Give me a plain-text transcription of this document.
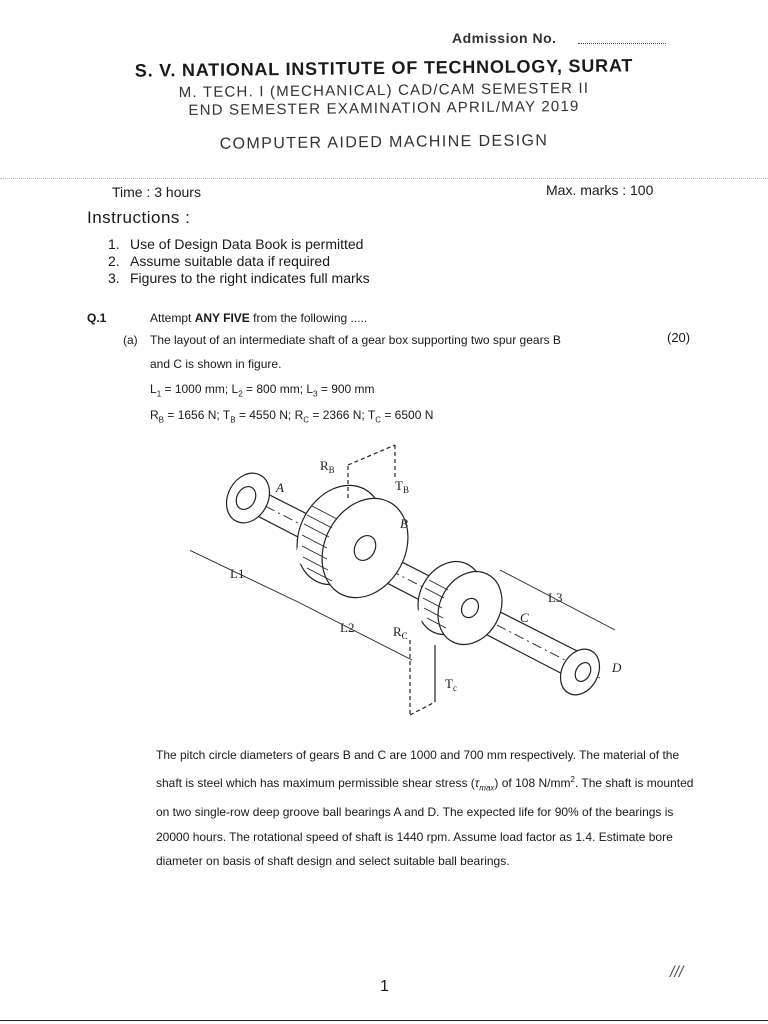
Admission No.
S. V. NATIONAL INSTITUTE OF TECHNOLOGY, SURAT
M. TECH. I (MECHANICAL) CAD/CAM SEMESTER II
END SEMESTER EXAMINATION APRIL/MAY 2019
COMPUTER AIDED MACHINE DESIGN
Time : 3 hours	Max. marks : 100
Instructions :
1. Use of Design Data Book is permitted
2. Assume suitable data if required
3. Figures to the right indicates full marks
Q.1	Attempt ANY FIVE from the following .....
(a) The layout of an intermediate shaft of a gear box supporting two spur gears B	(20)
and C is shown in figure.
$L_1 = 1000$ mm; $L_2 = 800$ mm; $L_3 = 900$ mm
$R_B = 1656$ N; $T_B = 4550$ N; $R_C = 2366$ N; $T_C = 6500$ N
A
B
C
D
$R_B$
$T_B$
$R_C$
$T_c$
L1
L2
L3
The pitch circle diameters of gears B and C are 1000 and 700 mm respectively. The material of the shaft is steel which has maximum permissible shear stress $(\tau_{max})$ of 108 $N/mm^2$. The shaft is mounted on two single-row deep groove ball bearings A and D. The expected life for 90% of the bearings is 20000 hours. The rotational speed of shaft is 1440 rpm. Assume load factor as 1.4. Estimate bore diameter on basis of shaft design and select suitable ball bearings.
///
1
